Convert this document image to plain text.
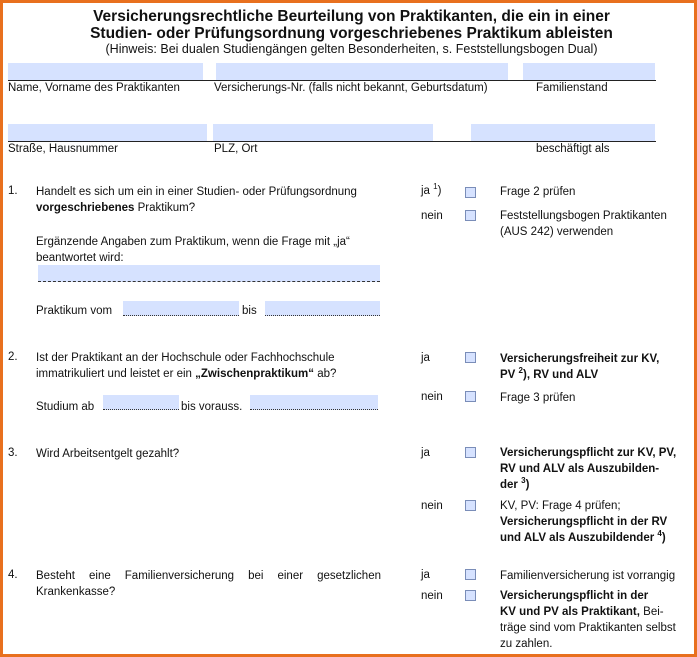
Versicherungsrechtliche Beurteilung von Praktikanten, die ein in einer
Studien- oder Prüfungsordnung vorgeschriebenes Praktikum ableisten
(Hinweis: Bei dualen Studiengängen gelten Besonderheiten, s. Feststellungsbogen Dual)
Name, Vorname des Praktikanten	Versicherungs-Nr. (falls nicht bekannt, Geburtsdatum)	Familienstand
Straße, Hausnummer	PLZ, Ort	beschäftigt als
1. Handelt es sich um ein in einer Studien- oder Prüfungsordnung
vorgeschriebenes Praktikum?
Ergänzende Angaben zum Praktikum, wenn die Frage mit „ja“
beantwortet wird:
Praktikum vom	bis
ja $^1$)	Frage 2 prüfen
nein	Feststellungsbogen Praktikanten
(AUS 242) verwenden
2. Ist der Praktikant an der Hochschule oder Fachhochschule
immatrikuliert und leistet er ein „Zwischenpraktikum“ ab?
Studium ab	bis vorauss.
ja	Versicherungsfreiheit zur KV,
PV $^2$), RV und ALV
nein	Frage 3 prüfen
3. Wird Arbeitsentgelt gezahlt?	ja	Versicherungspflicht zur KV, PV,
RV und ALV als Auszubilden-
der $^3$)
nein	KV, PV: Frage 4 prüfen;
Versicherungspflicht in der RV
und ALV als Auszubildender $^4$)
4. Besteht eine Familienversicherung bei einer gesetzlichen
Krankenkasse?
ja	Familienversicherung ist vorrangig
nein	Versicherungspflicht in der
KV und PV als Praktikant, Bei-
träge sind vom Praktikanten selbst
zu zahlen.
